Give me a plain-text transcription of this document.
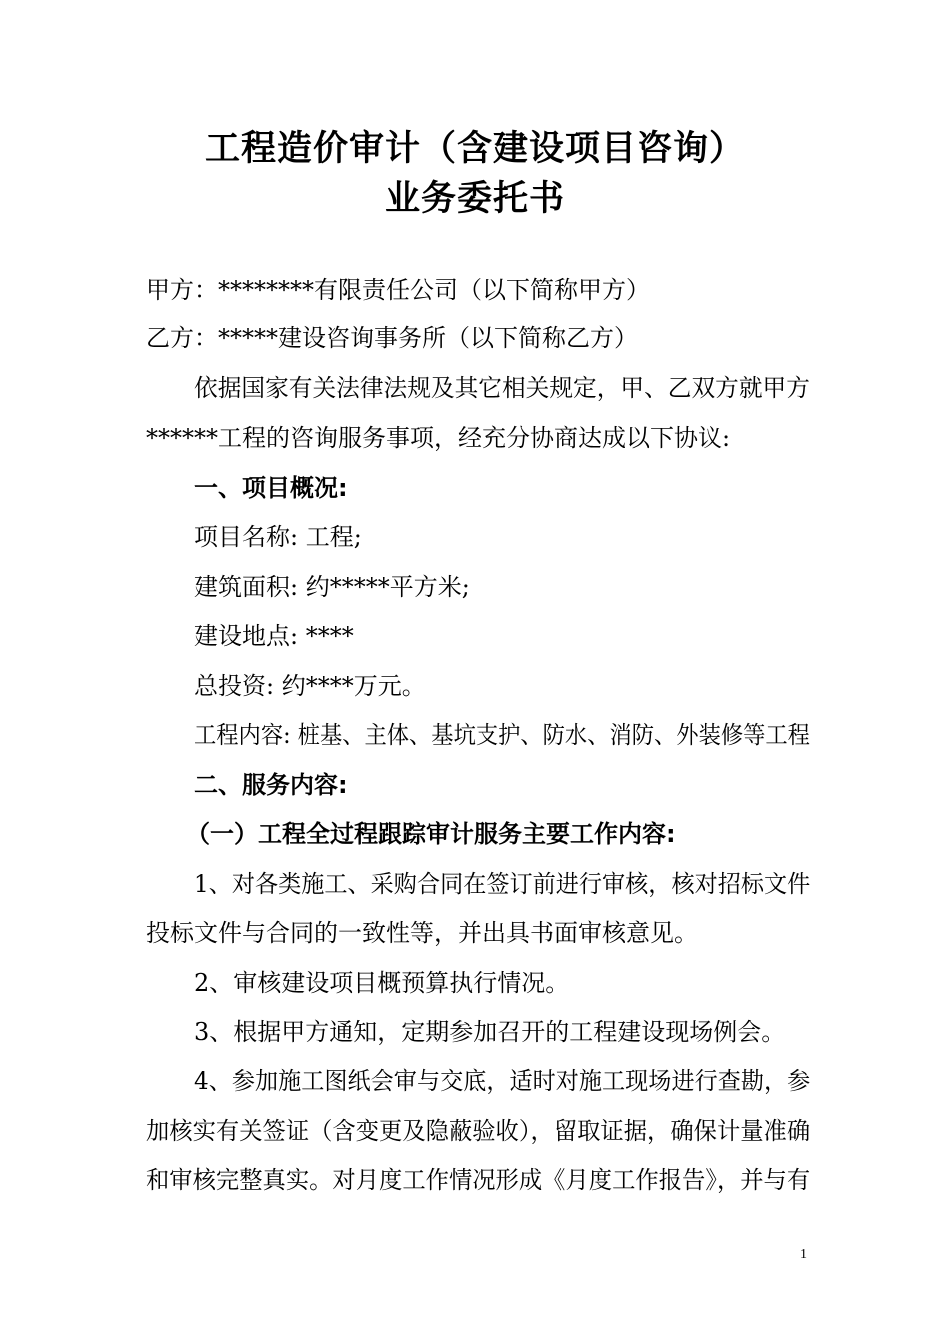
工程造价审计（含建设项目咨询）
业务委托书
甲方：********有限责任公司（以下简称甲方）
乙方：*****建设咨询事务所（以下简称乙方）
依据国家有关法律法规及其它相关规定，甲、乙双方就甲方
******工程的咨询服务事项，经充分协商达成以下协议:
一、项目概况:
项目名称: 工程;
建筑面积: 约*****平方米;
建设地点: ****
总投资: 约****万元。
工程内容: 桩基、主体、基坑支护、防水、消防、外装修等工程
二、服务内容:
（一）工程全过程跟踪审计服务主要工作内容:
1、对各类施工、采购合同在签订前进行审核，核对招标文件
投标文件与合同的一致性等，并出具书面审核意见。
2、审核建设项目概预算执行情况。
3、根据甲方通知，定期参加召开的工程建设现场例会。
4、参加施工图纸会审与交底，适时对施工现场进行查勘，参
加核实有关签证（含变更及隐蔽验收），留取证据，确保计量准确
和审核完整真实。对月度工作情况形成《月度工作报告》，并与有
1
